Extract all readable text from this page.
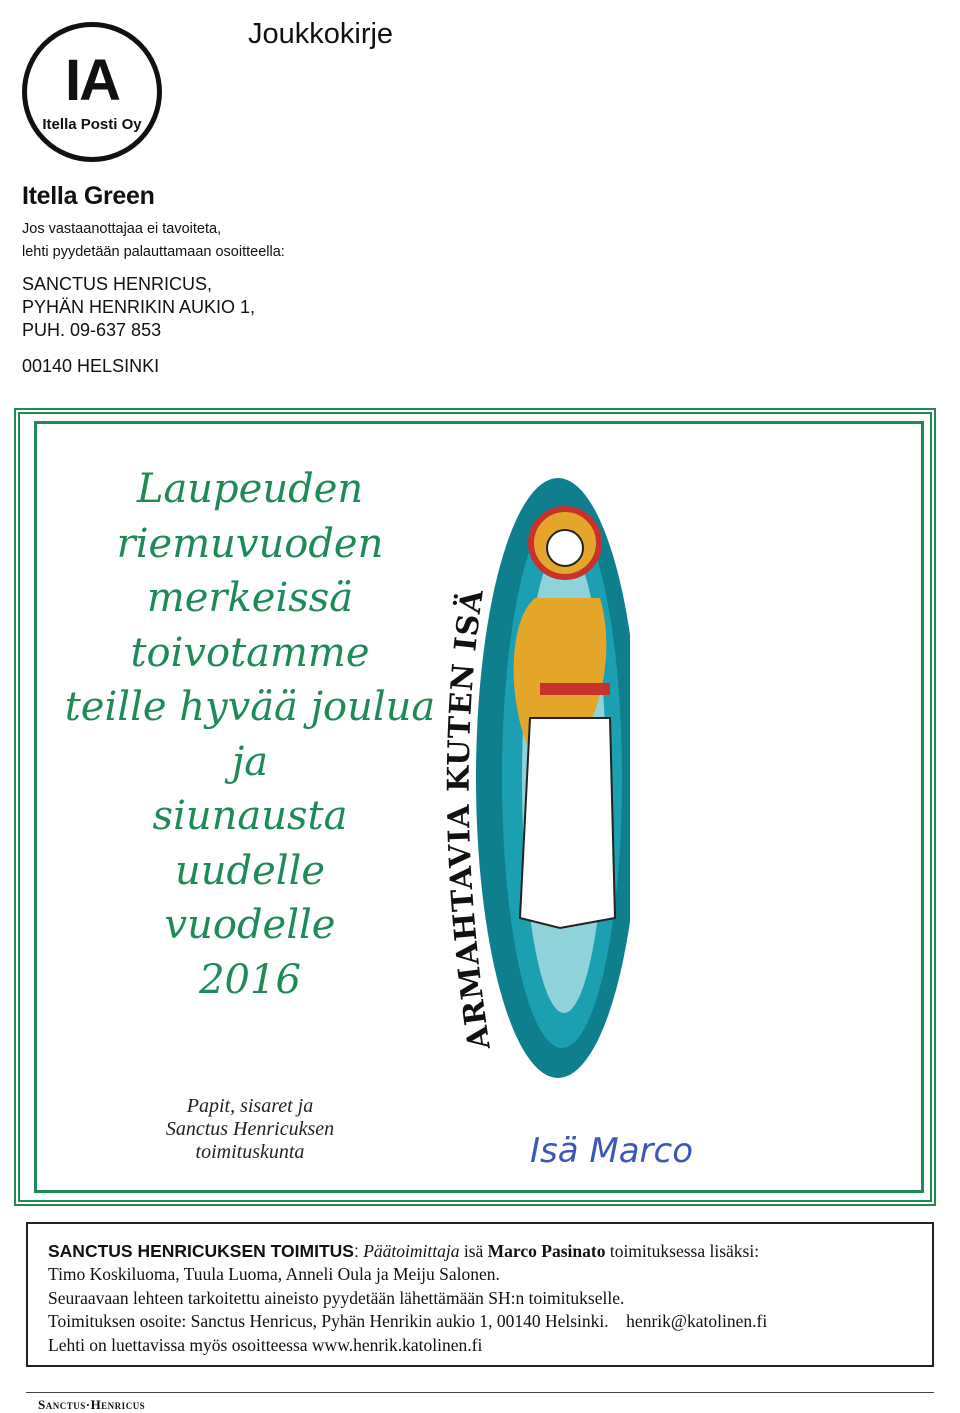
Joukkokirje
IA
Itella Posti Oy
Itella Green
Jos vastaanottajaa ei tavoiteta,
lehti pyydetään palauttamaan osoitteella:
SANCTUS HENRICUS,
PYHÄN HENRIKIN AUKIO 1,
PUH. 09-637 853
00140 HELSINKI
Laupeuden
riemuvuoden
merkeissä
toivotamme
teille hyvää joulua
ja
siunausta
uudelle
vuodelle
2016
Papit, sisaret ja
Sanctus Henricuksen
toimituskunta
ARMAHTAVIA KUTEN ISÄ
Isä Marco

SANCTUS HENRICUKSEN TOIMITUS: Päätoimittaja isä Marco Pasinato toimituksessa lisäksi:

Timo Koskiluoma, Tuula Luoma, Anneli Oula ja Meiju Salonen.

Seuraavaan lehteen tarkoitettu aineisto pyydetään lähettämään SH:n toimitukselle.

Toimituksen osoite: Sanctus Henricus, Pyhän Henrikin aukio 1, 00140 Helsinki. henrik@katolinen.fi

Lehti on luettavissa myös osoitteessa www.henrik.katolinen.fi

Sanctus·Henricus
